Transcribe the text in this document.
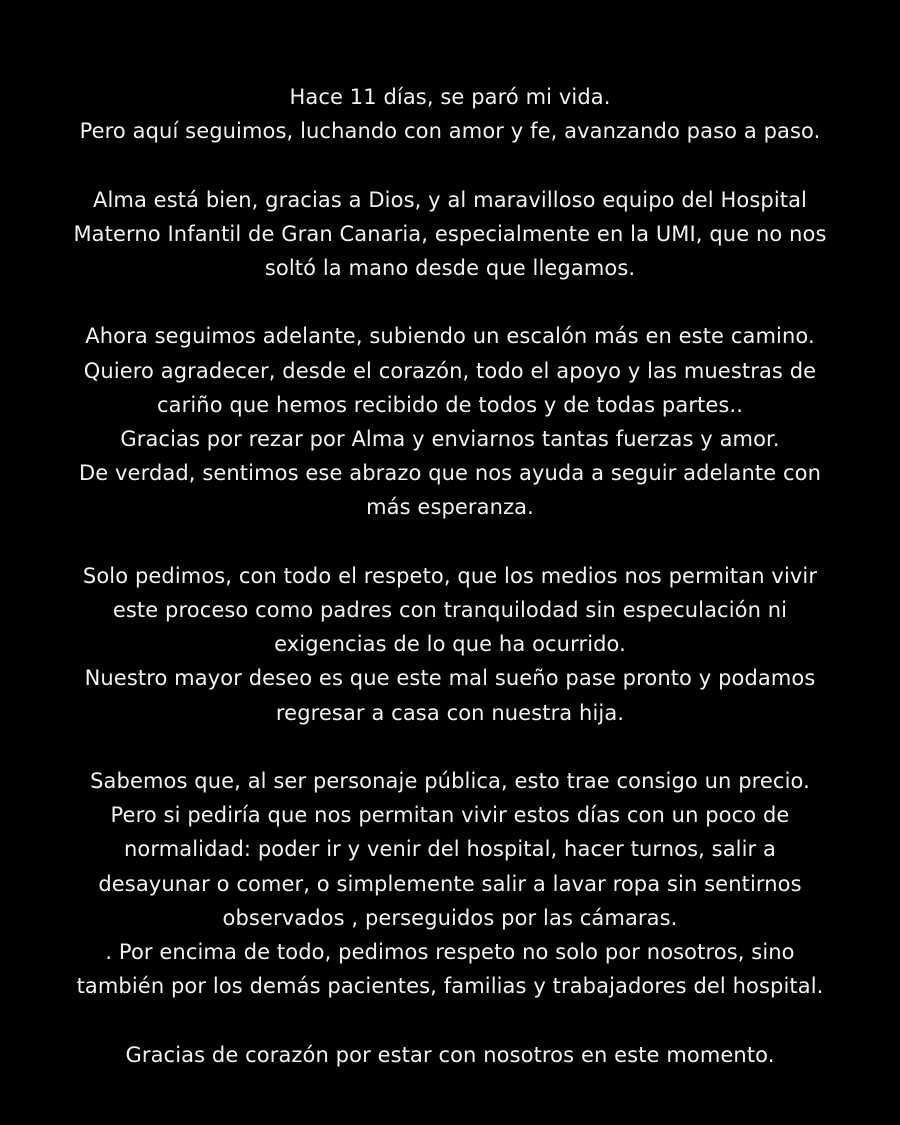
Hace 11 días, se paró mi vida.
Pero aquí seguimos, luchando con amor y fe, avanzando paso a paso.

Alma está bien, gracias a Dios, y al maravilloso equipo del Hospital
Materno Infantil de Gran Canaria, especialmente en la UMI, que no nos
soltó la mano desde que llegamos.

Ahora seguimos adelante, subiendo un escalón más en este camino.
Quiero agradecer, desde el corazón, todo el apoyo y las muestras de
cariño que hemos recibido de todos y de todas partes..
Gracias por rezar por Alma y enviarnos tantas fuerzas y amor.
De verdad, sentimos ese abrazo que nos ayuda a seguir adelante con
más esperanza.

Solo pedimos, con todo el respeto, que los medios nos permitan vivir
este proceso como padres con tranquilodad sin especulación ni
exigencias de lo que ha ocurrido.
Nuestro mayor deseo es que este mal sueño pase pronto y podamos
regresar a casa con nuestra hija.

Sabemos que, al ser personaje pública, esto trae consigo un precio.
Pero si pediría que nos permitan vivir estos días con un poco de
normalidad: poder ir y venir del hospital, hacer turnos, salir a
desayunar o comer, o simplemente salir a lavar ropa sin sentirnos
observados , perseguidos por las cámaras.
. Por encima de todo, pedimos respeto no solo por nosotros, sino
también por los demás pacientes, familias y trabajadores del hospital.

Gracias de corazón por estar con nosotros en este momento.
